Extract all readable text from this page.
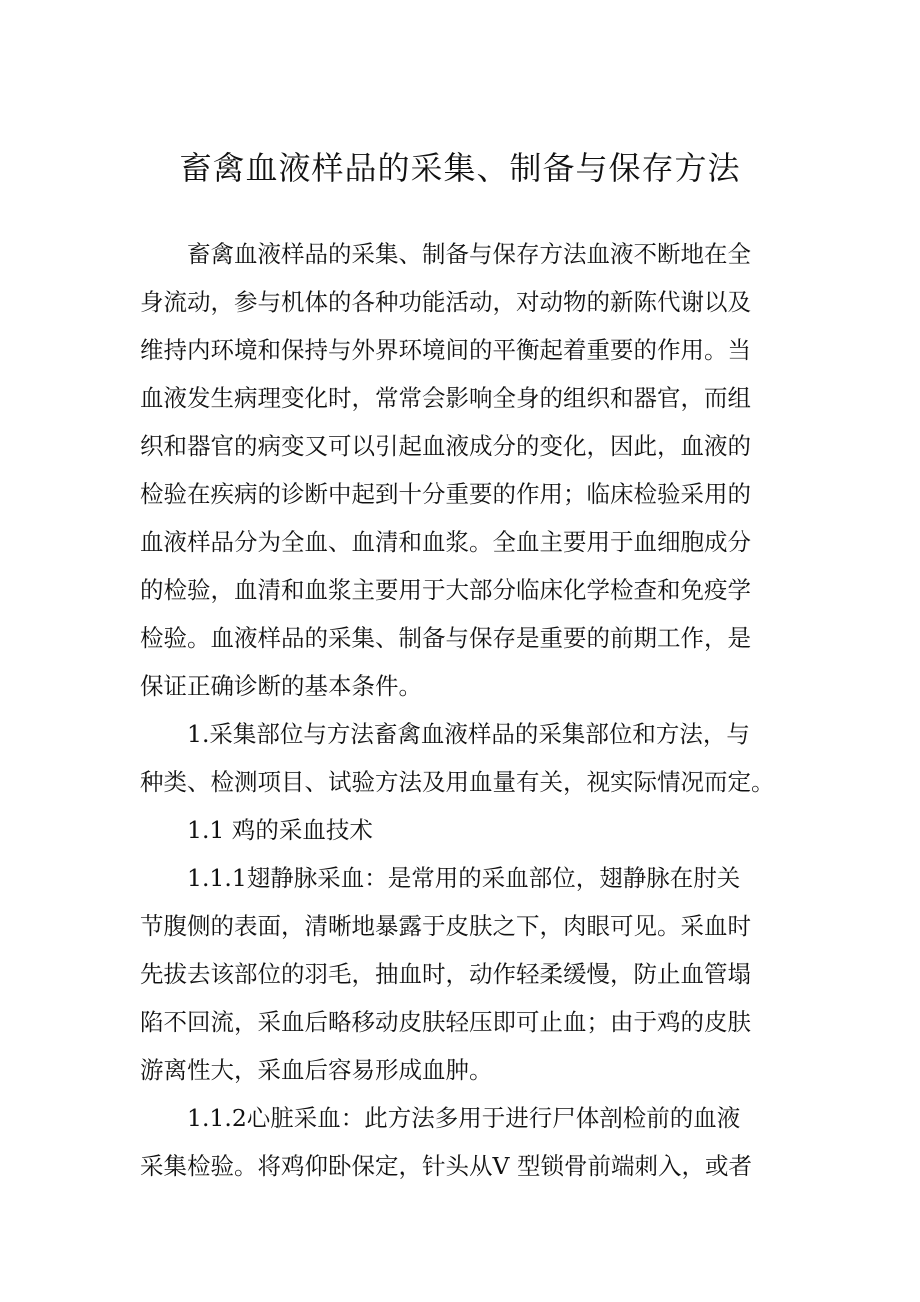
畜禽血液样品的采集、制备与保存方法
畜禽血液样品的采集、制备与保存方法血液不断地在全
身流动，参与机体的各种功能活动，对动物的新陈代谢以及
维持内环境和保持与外界环境间的平衡起着重要的作用。当
血液发生病理变化时，常常会影响全身的组织和器官，而组
织和器官的病变又可以引起血液成分的变化，因此，血液的
检验在疾病的诊断中起到十分重要的作用；临床检验采用的
血液样品分为全血、血清和血浆。全血主要用于血细胞成分
的检验，血清和血浆主要用于大部分临床化学检查和免疫学
检验。血液样品的采集、制备与保存是重要的前期工作，是
保证正确诊断的基本条件。
1.采集部位与方法畜禽血液样品的采集部位和方法，与
种类、检测项目、试验方法及用血量有关，视实际情况而定。
1.1 鸡的采血技术
1.1.1翅静脉采血：是常用的采血部位，翅静脉在肘关
节腹侧的表面，清晰地暴露于皮肤之下，肉眼可见。采血时
先拔去该部位的羽毛，抽血时，动作轻柔缓慢，防止血管塌
陷不回流，采血后略移动皮肤轻压即可止血；由于鸡的皮肤
游离性大，采血后容易形成血肿。
1.1.2心脏采血：此方法多用于进行尸体剖检前的血液
采集检验。将鸡仰卧保定，针头从V 型锁骨前端刺入，或者
